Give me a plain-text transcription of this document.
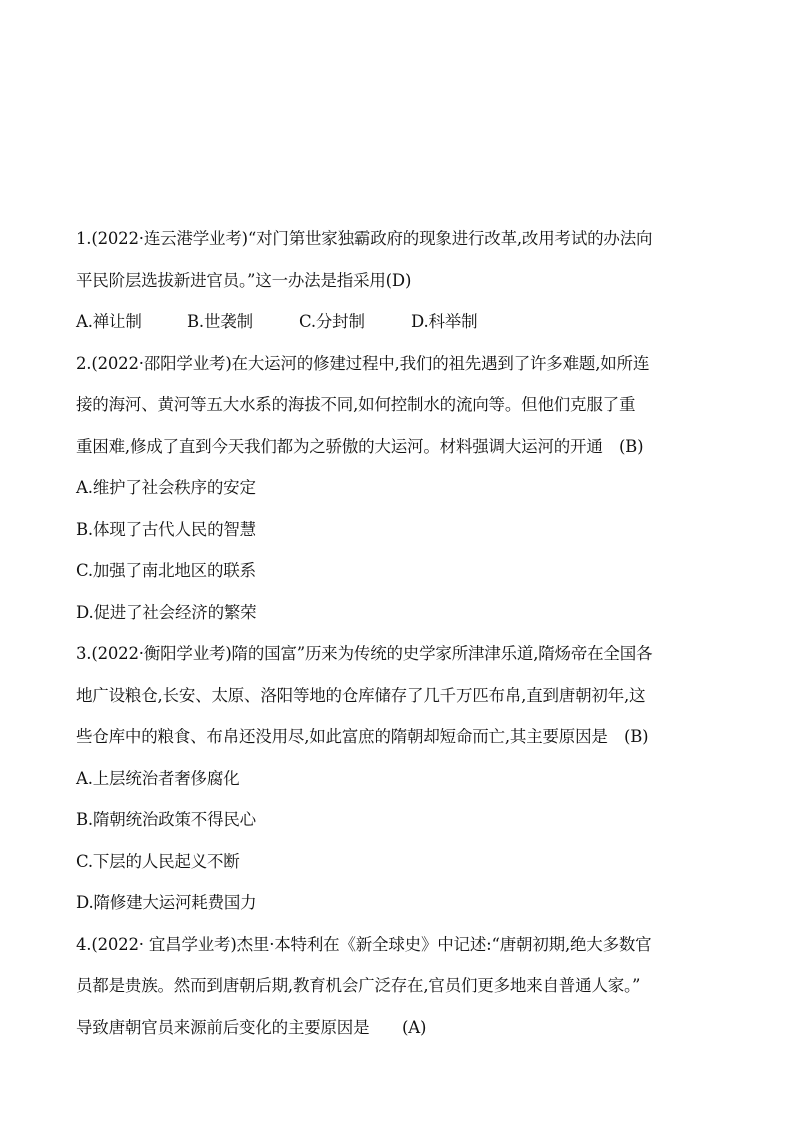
1.(2022·连云港学业考)“对门第世家独霸政府的现象进行改革,改用考试的办法向
平民阶层选拔新进官员。”这一办法是指采用(D)
A.禅让制	B.世袭制	C.分封制	D.科举制
2.(2022·邵阳学业考)在大运河的修建过程中,我们的祖先遇到了许多难题,如所连
接的海河、黄河等五大水系的海拔不同,如何控制水的流向等。但他们克服了重
重困难,修成了直到今天我们都为之骄傲的大运河。材料强调大运河的开通　(B)
A.维护了社会秩序的安定
B.体现了古代人民的智慧
C.加强了南北地区的联系
D.促进了社会经济的繁荣
3.(2022·衡阳学业考)隋的国富”历来为传统的史学家所津津乐道,隋炀帝在全国各
地广设粮仓,长安、太原、洛阳等地的仓库储存了几千万匹布帛,直到唐朝初年,这
些仓库中的粮食、布帛还没用尽,如此富庶的隋朝却短命而亡,其主要原因是　(B)
A.上层统治者奢侈腐化
B.隋朝统治政策不得民心
C.下层的人民起义不断
D.隋修建大运河耗费国力
4.(2022· 宜昌学业考)杰里·本特利在《新全球史》中记述:“唐朝初期,绝大多数官
员都是贵族。然而到唐朝后期,教育机会广泛存在,官员们更多地来自普通人家。”
导致唐朝官员来源前后变化的主要原因是　　(A)
